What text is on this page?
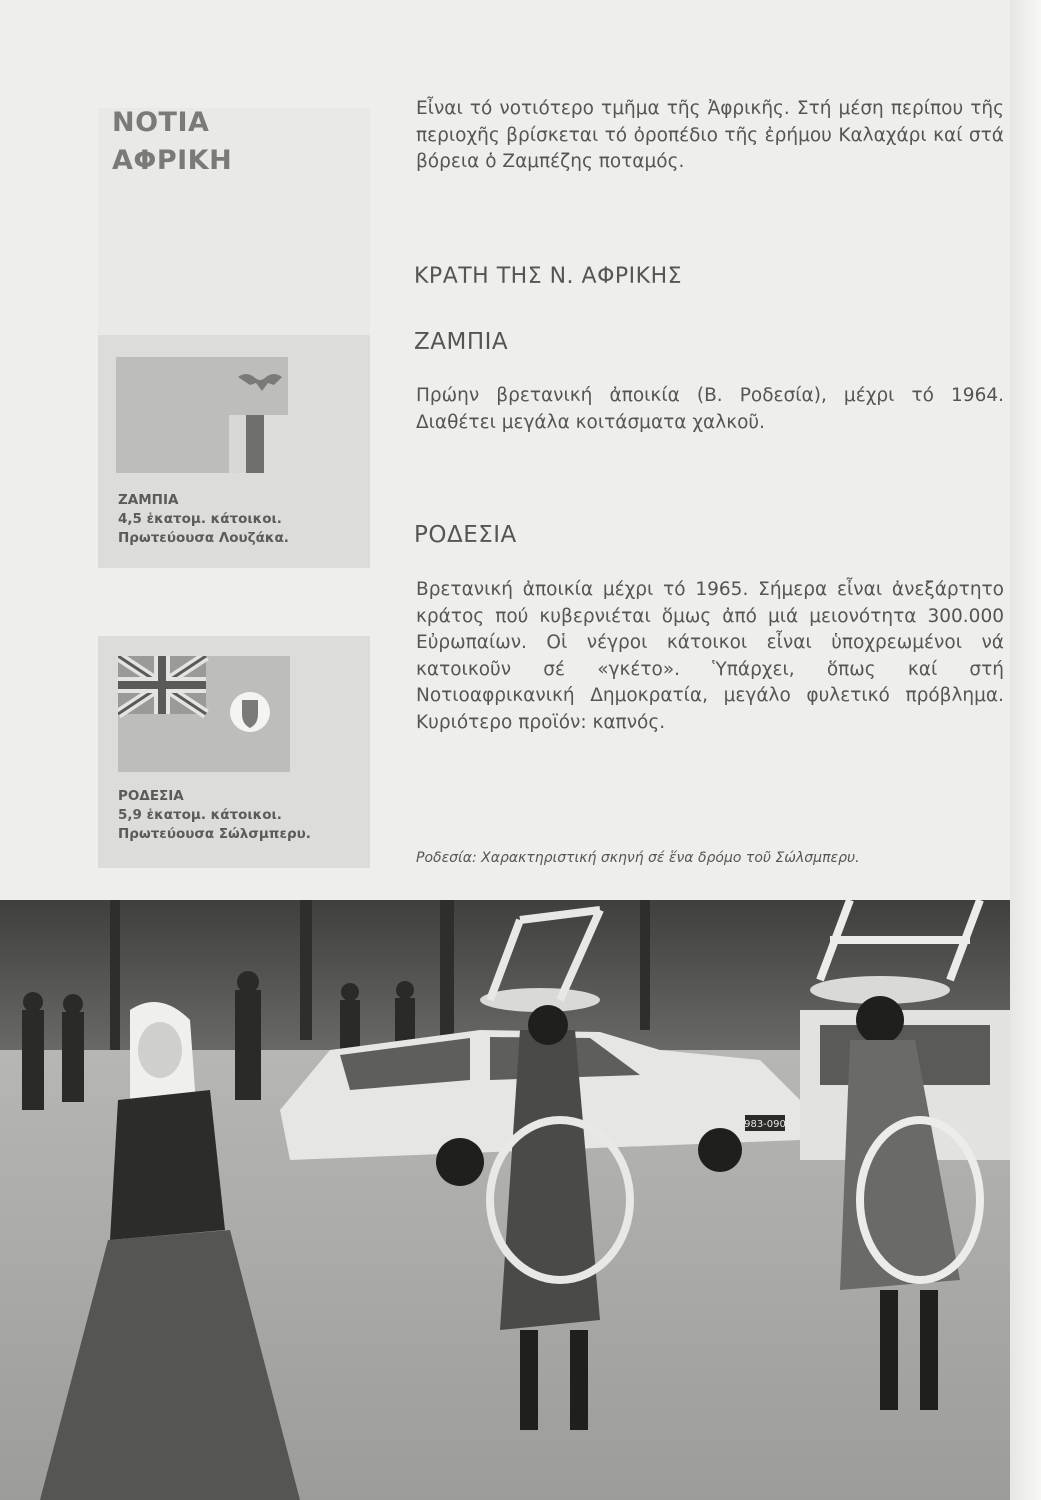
ΝΟΤΙΑ
ΑΦΡΙΚΗ

Εἶναι τό νοτιότερο τμῆμα τῆς Ἀφρικῆς. Στή μέση περίπου τῆς περιοχῆς βρίσκεται τό ὀροπέδιο τῆς ἐρήμου Καλαχάρι καί στά βόρεια ὁ Ζαμπέζης ποταμός.

ΚΡΑΤΗ ΤΗΣ Ν. ΑΦΡΙΚΗΣ
ΖΑΜΠΙΑ

Πρώην βρετανική ἀποικία (Β. Ροδεσία), μέχρι τό 1964. Διαθέτει μεγάλα κοιτάσματα χαλκοῦ.

ΡΟΔΕΣΙΑ

Βρετανική ἀποικία μέχρι τό 1965. Σήμερα εἶναι ἀνεξάρτητο κράτος πού κυβερνιέται ὅμως ἀπό μιά μειονότητα 300.000 Εὐρωπαίων. Οἱ νέγροι κάτοικοι εἶναι ὑποχρεωμένοι νά κατοικοῦν σέ «γκέτο». Ὑπάρχει, ὅπως καί στή Νοτιοαφρικανική Δημοκρατία, μεγάλο φυλετικό πρόβλημα. Κυριότερο προϊόν: καπνός.

ΖΑΜΠΙΑ
4,5 ἑκατομ. κάτοικοι.
Πρωτεύουσα Λουζάκα.

ΡΟΔΕΣΙΑ
5,9 ἑκατομ. κάτοικοι.
Πρωτεύουσα Σώλσμπερυ.

Ροδεσία: Χαρακτηριστική σκηνή σέ ἕνα δρόμο τοῦ Σώλσμπερυ.

983-090
